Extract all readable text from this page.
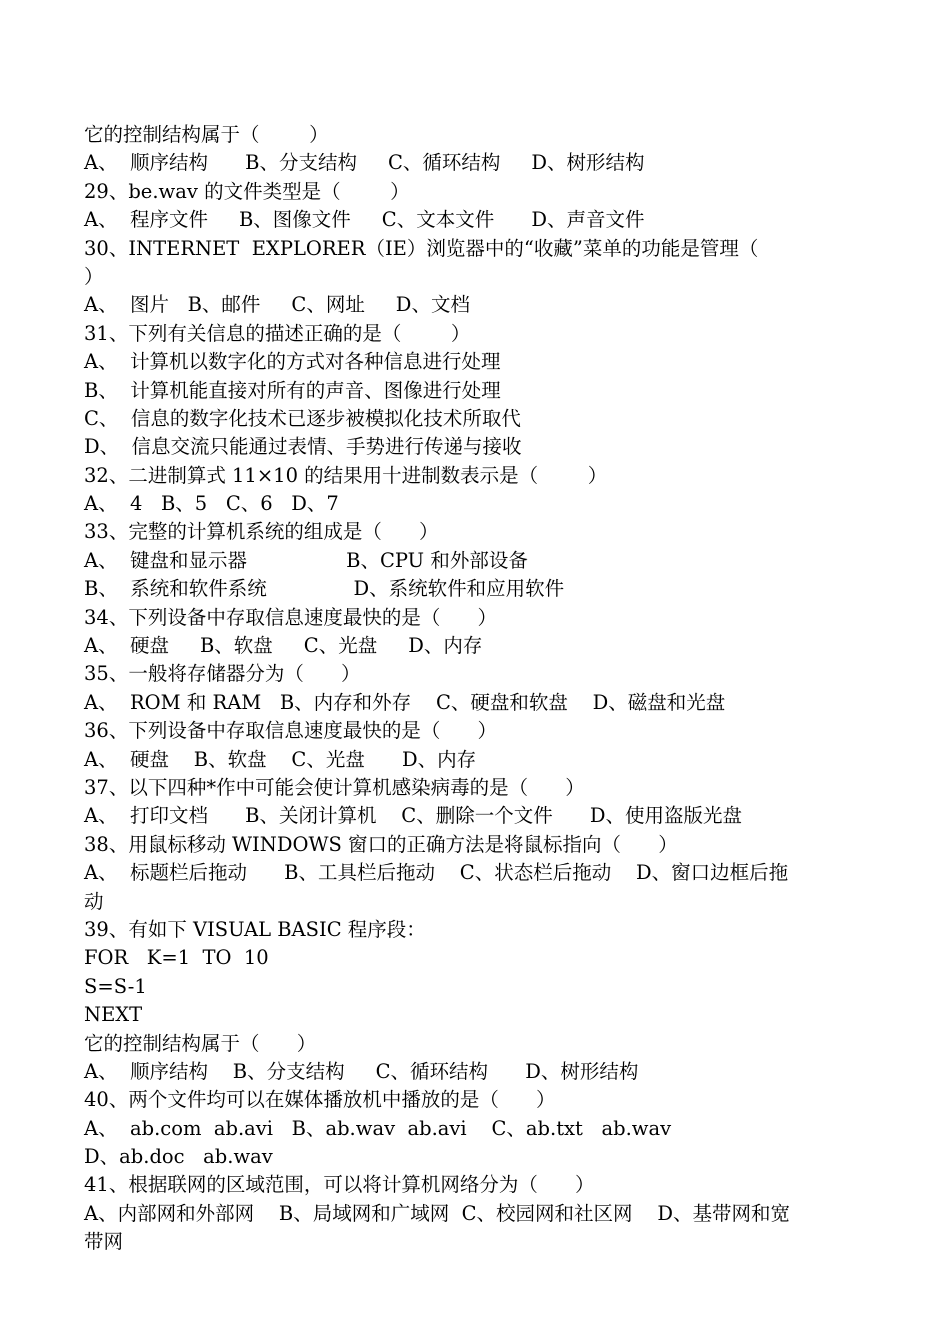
它的控制结构属于（        ）
A、  顺序结构      B、分支结构     C、循环结构     D、树形结构
29、be.wav 的文件类型是（        ）
A、  程序文件     B、图像文件     C、文本文件      D、声音文件
30、INTERNET  EXPLORER（IE）浏览器中的“收藏”菜单的功能是管理（
）
A、  图片   B、邮件     C、网址     D、文档
31、下列有关信息的描述正确的是（        ）
A、  计算机以数字化的方式对各种信息进行处理
B、  计算机能直接对所有的声音、图像进行处理
C、  信息的数字化技术已逐步被模拟化技术所取代
D、  信息交流只能通过表情、手势进行传递与接收
32、二进制算式 11×10 的结果用十进制数表示是（        ）
A、  4   B、5   C、6   D、7
33、完整的计算机系统的组成是（      ）
A、  键盘和显示器                B、CPU 和外部设备
B、  系统和软件系统              D、系统软件和应用软件
34、下列设备中存取信息速度最快的是（      ）
A、  硬盘     B、软盘     C、光盘     D、内存
35、一般将存储器分为（      ）
A、  ROM 和 RAM   B、内存和外存    C、硬盘和软盘    D、磁盘和光盘
36、下列设备中存取信息速度最快的是（      ）
A、  硬盘    B、软盘    C、光盘      D、内存
37、以下四种*作中可能会使计算机感染病毒的是（      ）
A、  打印文档      B、关闭计算机    C、删除一个文件      D、使用盗版光盘
38、用鼠标移动 WINDOWS 窗口的正确方法是将鼠标指向（      ）
A、  标题栏后拖动      B、工具栏后拖动    C、状态栏后拖动    D、窗口边框后拖
动
39、有如下 VISUAL BASIC 程序段：
FOR   K=1  TO  10
S=S-1
NEXT
它的控制结构属于（      ）
A、  顺序结构    B、分支结构     C、循环结构      D、树形结构
40、两个文件均可以在媒体播放机中播放的是（      ）
A、  ab.com  ab.avi   B、ab.wav  ab.avi    C、ab.txt   ab.wav
D、ab.doc   ab.wav
41、根据联网的区域范围，可以将计算机网络分为（      ）
A、内部网和外部网    B、局域网和广域网  C、校园网和社区网    D、基带网和宽
带网
